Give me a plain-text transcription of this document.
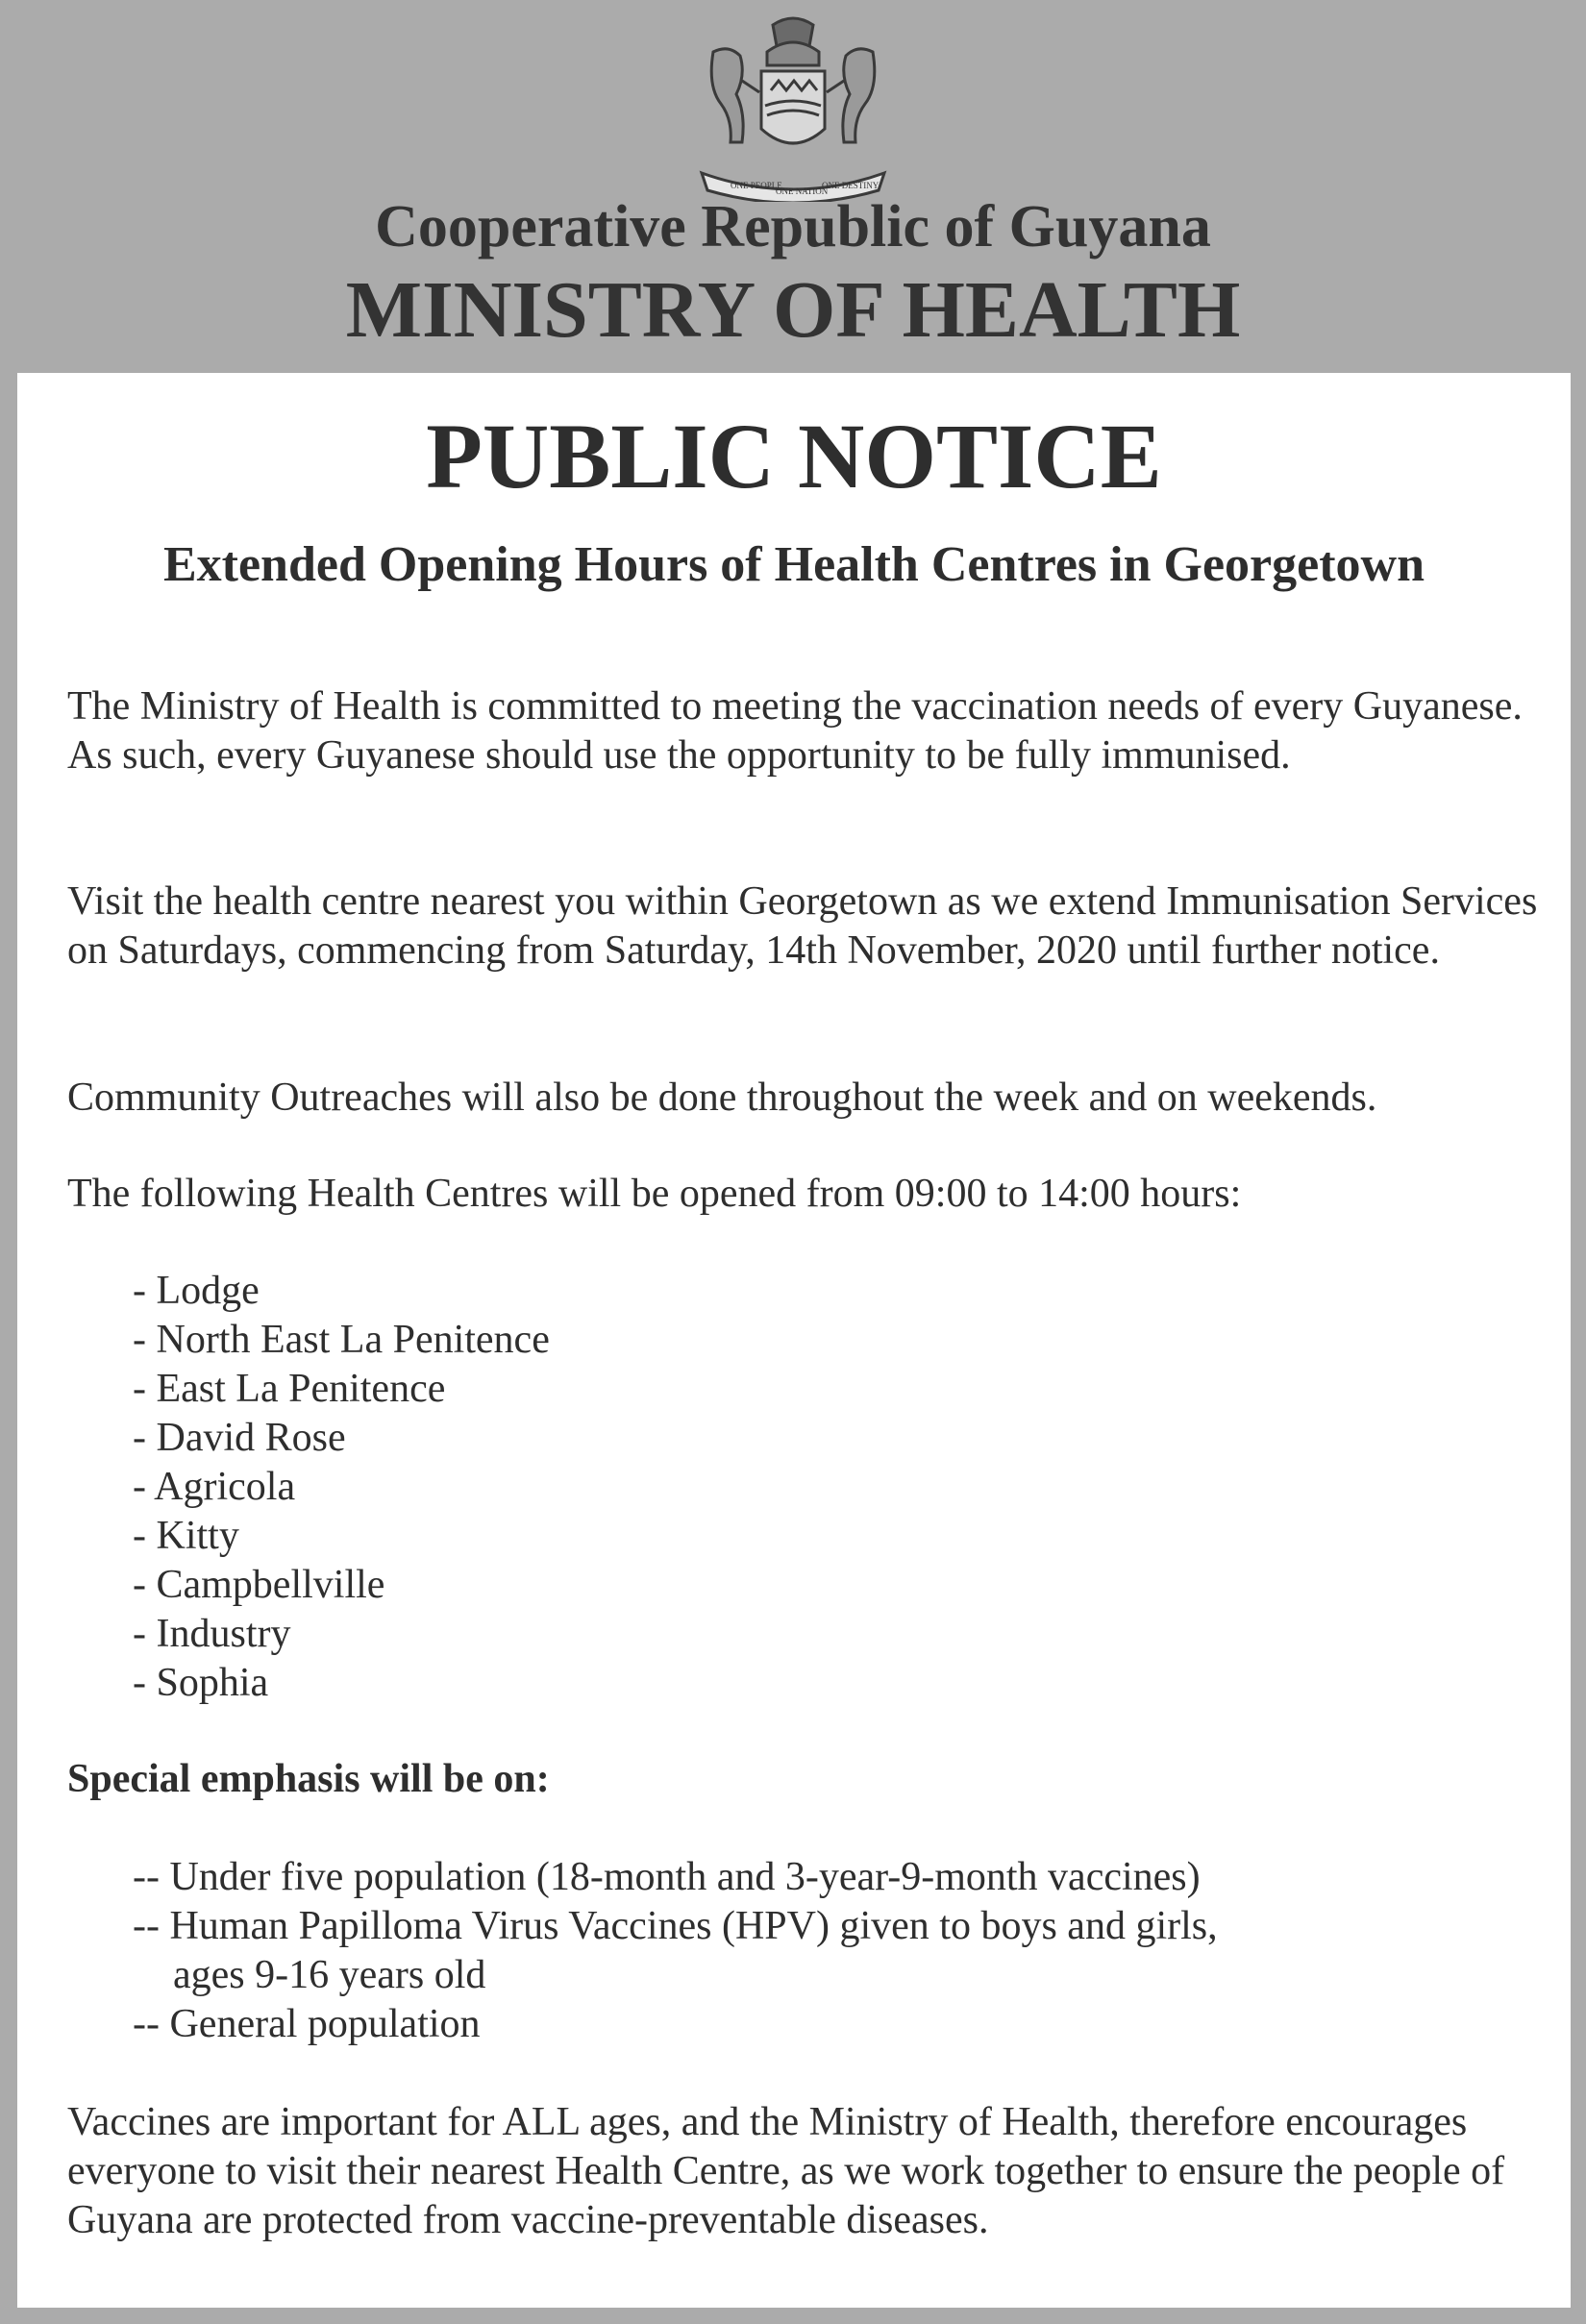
ONE PEOPLE
ONE NATION
ONE DESTINY
Cooperative Republic of Guyana
MINISTRY OF HEALTH
PUBLIC NOTICE
Extended Opening Hours of Health Centres in Georgetown

The Ministry of Health is committed to meeting the vaccination needs of every Guyanese. As such, every Guyanese should use the opportunity to be fully immunised.

Visit the health centre nearest you within Georgetown as we extend Immunisation Services on Saturdays, commencing from Saturday, 14th November, 2020 until further notice.

Community Outreaches will also be done throughout the week and on weekends.

The following Health Centres will be opened from 09:00 to 14:00 hours:

- Lodge
- North East La Penitence
- East La Penitence
- David Rose
- Agricola
- Kitty
- Campbellville
- Industry
- Sophia
Special emphasis will be on:
-- Under five population (18-month and 3-year-9-month vaccines)
-- Human Papilloma Virus Vaccines (HPV) given to boys and girls,
ages 9-16 years old
-- General population

Vaccines are important for ALL ages, and the Ministry of Health, therefore encourages everyone to visit their nearest Health Centre, as we work together to ensure the people of Guyana are protected from vaccine-preventable diseases.
